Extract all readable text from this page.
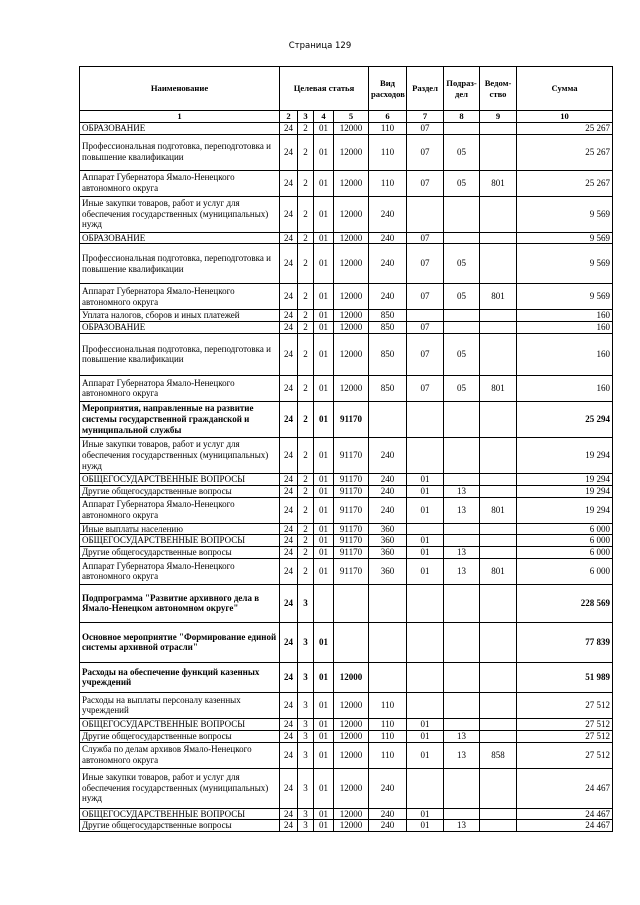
Страница 129
Наименование	Целевая статья				Вид расходов	Раздел	Подраз-дел	Ведом-ство	Сумма
1	2	3	4	5	6	7	8	9	10
ОБРАЗОВАНИЕ	24	2	01	12000	110	07			25 267
Профессиональная подготовка, переподготовка и повышение квалификации	24	2	01	12000	110	07	05		25 267
Аппарат Губернатора Ямало-Ненецкого автономного округа	24	2	01	12000	110	07	05	801	25 267
Иные закупки товаров, работ и услуг для обеспечения государственных (муниципальных) нужд	24	2	01	12000	240				9 569
ОБРАЗОВАНИЕ	24	2	01	12000	240	07			9 569
Профессиональная подготовка, переподготовка и повышение квалификации	24	2	01	12000	240	07	05		9 569
Аппарат Губернатора Ямало-Ненецкого автономного округа	24	2	01	12000	240	07	05	801	9 569
Уплата налогов, сборов и иных платежей	24	2	01	12000	850				160
ОБРАЗОВАНИЕ	24	2	01	12000	850	07			160
Профессиональная подготовка, переподготовка и повышение квалификации	24	2	01	12000	850	07	05		160
Аппарат Губернатора Ямало-Ненецкого автономного округа	24	2	01	12000	850	07	05	801	160
Мероприятия, направленные на развитие системы государственной гражданской и муниципальной службы	24	2	01	91170					25 294
Иные закупки товаров, работ и услуг для обеспечения государственных (муниципальных) нужд	24	2	01	91170	240				19 294
ОБЩЕГОСУДАРСТВЕННЫЕ ВОПРОСЫ	24	2	01	91170	240	01			19 294
Другие общегосударственные вопросы	24	2	01	91170	240	01	13		19 294
Аппарат Губернатора Ямало-Ненецкого автономного округа	24	2	01	91170	240	01	13	801	19 294
Иные выплаты населению	24	2	01	91170	360				6 000
ОБЩЕГОСУДАРСТВЕННЫЕ ВОПРОСЫ	24	2	01	91170	360	01			6 000
Другие общегосударственные вопросы	24	2	01	91170	360	01	13		6 000
Аппарат Губернатора Ямало-Ненецкого автономного округа	24	2	01	91170	360	01	13	801	6 000
Подпрограмма "Развитие архивного дела в Ямало-Ненецком автономном округе"	24	3							228 569
Основное мероприятие "Формирование единой системы архивной отрасли"	24	3	01						77 839
Расходы на обеспечение функций казенных учреждений	24	3	01	12000					51 989
Расходы на выплаты персоналу казенных учреждений	24	3	01	12000	110				27 512
ОБЩЕГОСУДАРСТВЕННЫЕ ВОПРОСЫ	24	3	01	12000	110	01			27 512
Другие общегосударственные вопросы	24	3	01	12000	110	01	13		27 512
Служба по делам архивов Ямало-Ненецкого автономного округа	24	3	01	12000	110	01	13	858	27 512
Иные закупки товаров, работ и услуг для обеспечения государственных (муниципальных) нужд	24	3	01	12000	240				24 467
ОБЩЕГОСУДАРСТВЕННЫЕ ВОПРОСЫ	24	3	01	12000	240	01			24 467
Другие общегосударственные вопросы	24	3	01	12000	240	01	13		24 467
